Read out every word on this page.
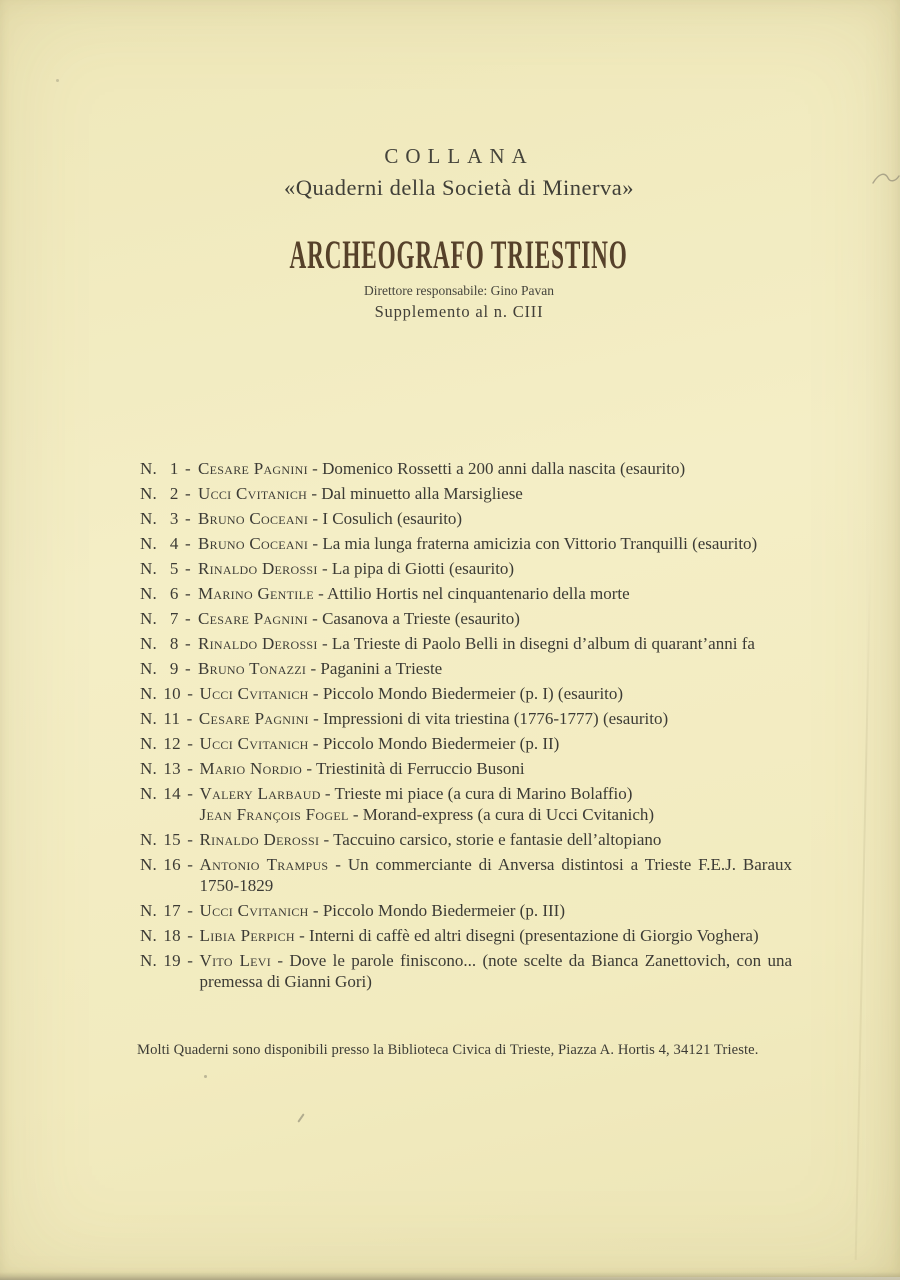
COLLANA
«Quaderni della Società di Minerva»
ARCHEOGRAFO TRIESTINO
Direttore responsabile: Gino Pavan
Supplemento al n. CIII
N.  1 - Cesare Pagnini - Domenico Rossetti a 200 anni dalla nascita (esaurito)
N.  2 - Ucci Cvitanich - Dal minuetto alla Marsigliese
N.  3 - Bruno Coceani - I Cosulich (esaurito)
N.  4 - Bruno Coceani - La mia lunga fraterna amicizia con Vittorio Tranquilli (esaurito)
N.  5 - Rinaldo Derossi - La pipa di Giotti (esaurito)
N.  6 - Marino Gentile - Attilio Hortis nel cinquantenario della morte
N.  7 - Cesare Pagnini - Casanova a Trieste (esaurito)
N.  8 - Rinaldo Derossi - La Trieste di Paolo Belli in disegni d’album di quarant’anni fa
N.  9 - Bruno Tonazzi - Paganini a Trieste
N. 10 - Ucci Cvitanich - Piccolo Mondo Biedermeier (p. I) (esaurito)
N. 11 - Cesare Pagnini - Impressioni di vita triestina (1776-1777) (esaurito)
N. 12 - Ucci Cvitanich - Piccolo Mondo Biedermeier (p. II)
N. 13 - Mario Nordio - Triestinità di Ferruccio Busoni
N. 14 - Valery Larbaud - Trieste mi piace (a cura di Marino Bolaffio)
Jean François Fogel - Morand-express (a cura di Ucci Cvitanich)
N. 15 - Rinaldo Derossi - Taccuino carsico, storie e fantasie dell’altopiano
N. 16 - Antonio Trampus - Un commerciante di Anversa distintosi a Trieste F.E.J. Baraux 1750-1829
N. 17 - Ucci Cvitanich - Piccolo Mondo Biedermeier (p. III)
N. 18 - Libia Perpich - Interni di caffè ed altri disegni (presentazione di Giorgio Voghera)
N. 19 - Vito Levi - Dove le parole finiscono... (note scelte da Bianca Zanettovich, con una premessa di Gianni Gori)
Molti Quaderni sono disponibili presso la Biblioteca Civica di Trieste, Piazza A. Hortis 4, 34121 Trieste.
